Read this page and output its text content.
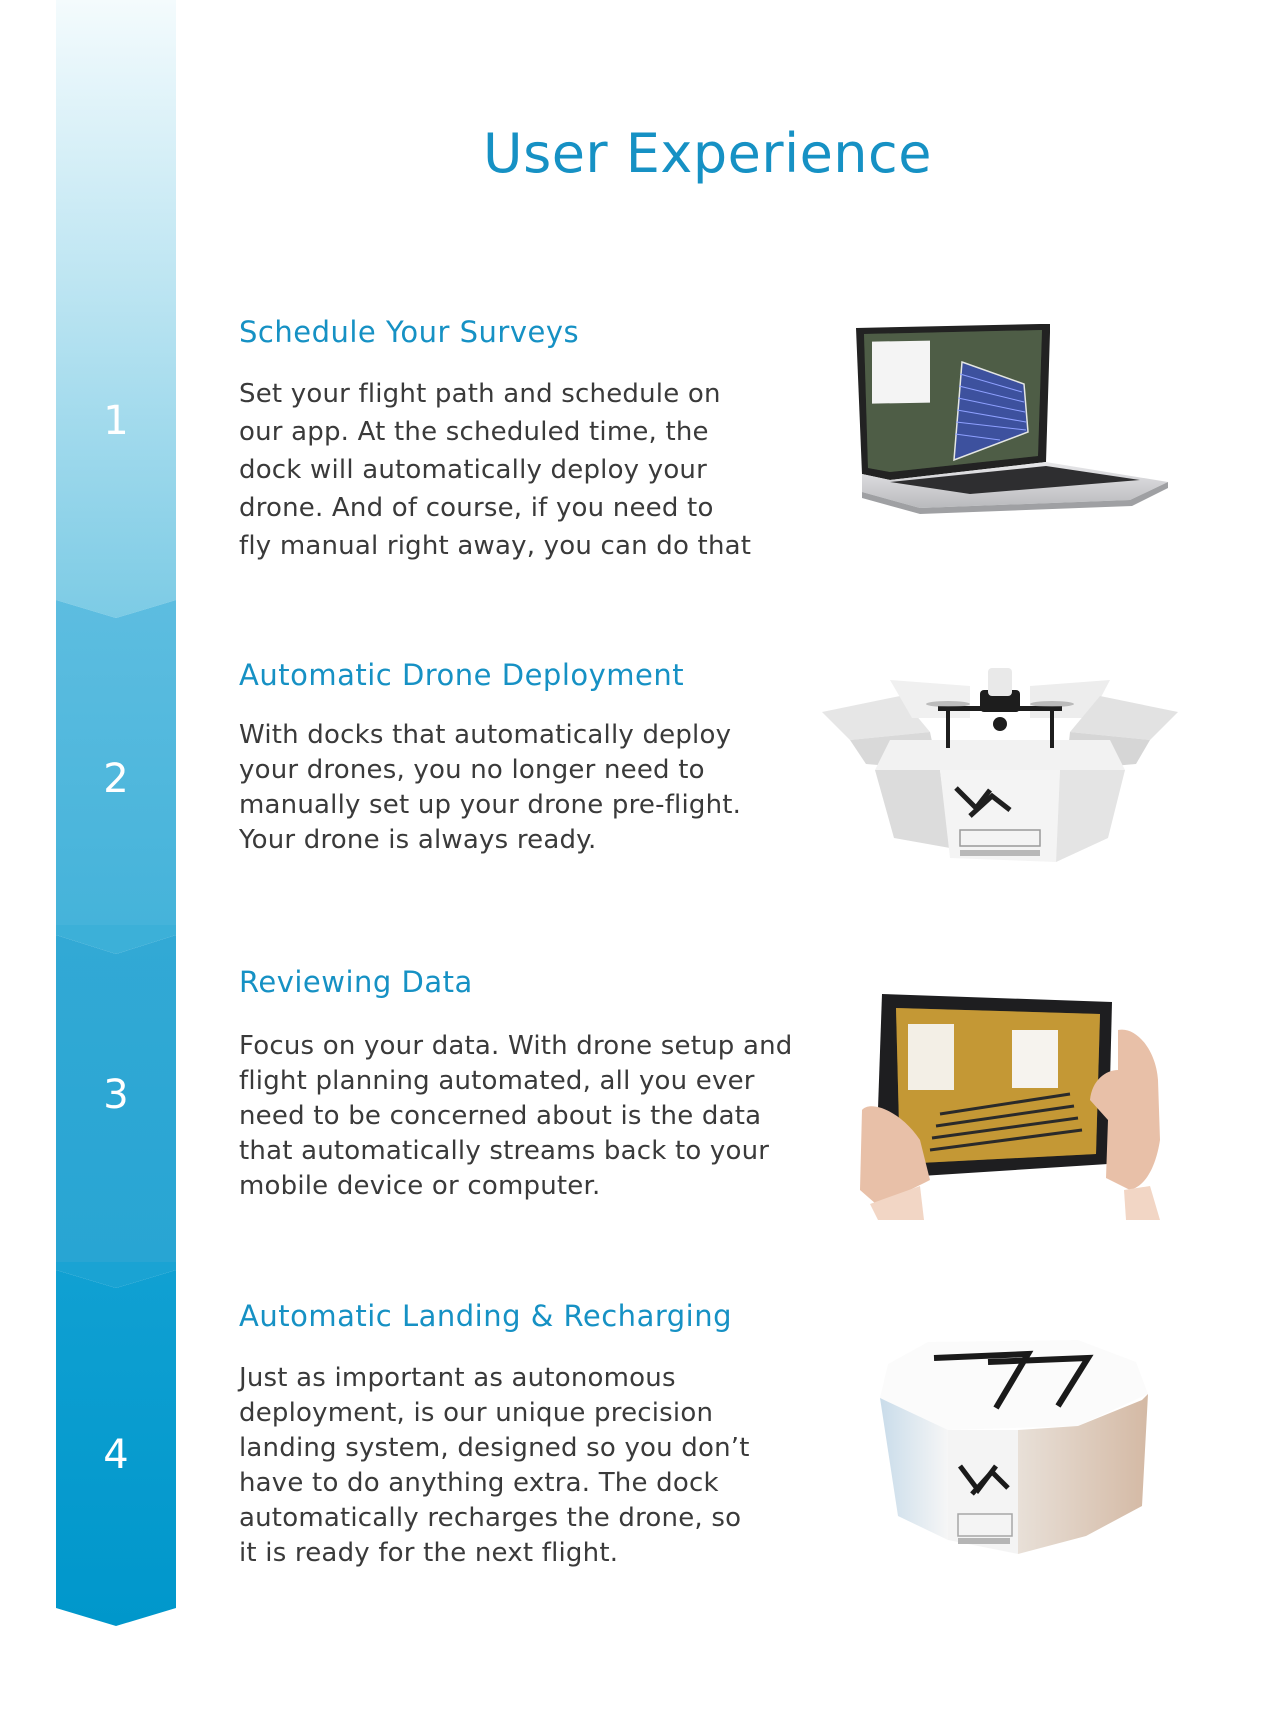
User Experience
1
2
3
4
Schedule Your Surveys

Set your flight path and schedule on
our app. At the scheduled time, the
dock will automatically deploy your
drone. And of course, if you need to
fly manual right away, you can do that

Automatic Drone Deployment

With docks that automatically deploy
your drones, you no longer need to
manually set up your drone pre-flight.
Your drone is always ready.

Reviewing Data

Focus on your data. With drone setup and
flight planning automated, all you ever
need to be concerned about is the data
that automatically streams back to your
mobile device or computer.

Automatic Landing & Recharging

Just as important as autonomous
deployment, is our unique precision
landing system, designed so you don’t
have to do anything extra. The dock
automatically recharges the drone, so
it is ready for the next flight.
